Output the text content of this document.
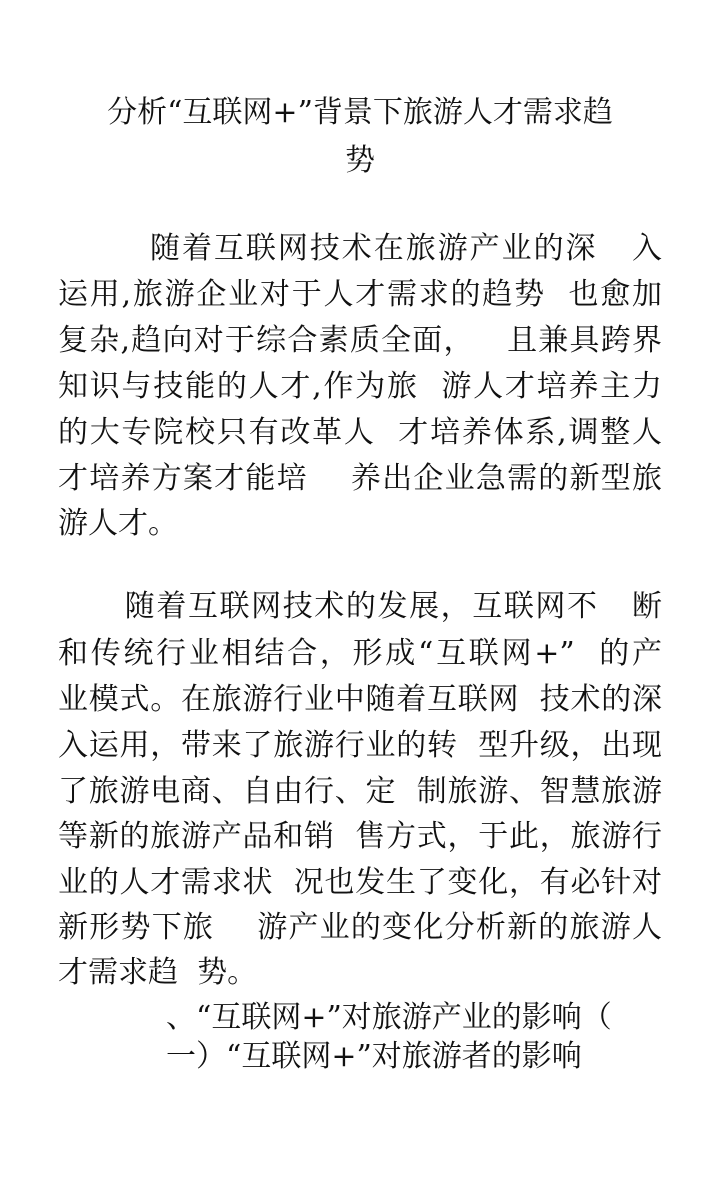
分析“互联网+”背景下旅游人才需求趋
势
随着互联网技术在旅游产业的深   入
运用,旅游企业对于人才需求的趋势  也愈加
复杂,趋向对于综合素质全面，   且兼具跨界
知识与技能的人才,作为旅  游人才培养主力
的大专院校只有改革人  才培养体系,调整人
才培养方案才能培    养出企业急需的新型旅
游人才。
随着互联网技术的发展，互联网不   断
和传统行业相结合，形成“互联网+”  的产
业模式。在旅游行业中随着互联网  技术的深
入运用，带来了旅游行业的转  型升级，出现
了旅游电商、自由行、定  制旅游、智慧旅游
等新的旅游产品和销  售方式，于此，旅游行
业的人才需求状  况也发生了变化，有必针对
新形势下旅    游产业的变化分析新的旅游人
才需求趋  势。
、“互联网+”对旅游产业的影响（
一）“互联网+”对旅游者的影响
